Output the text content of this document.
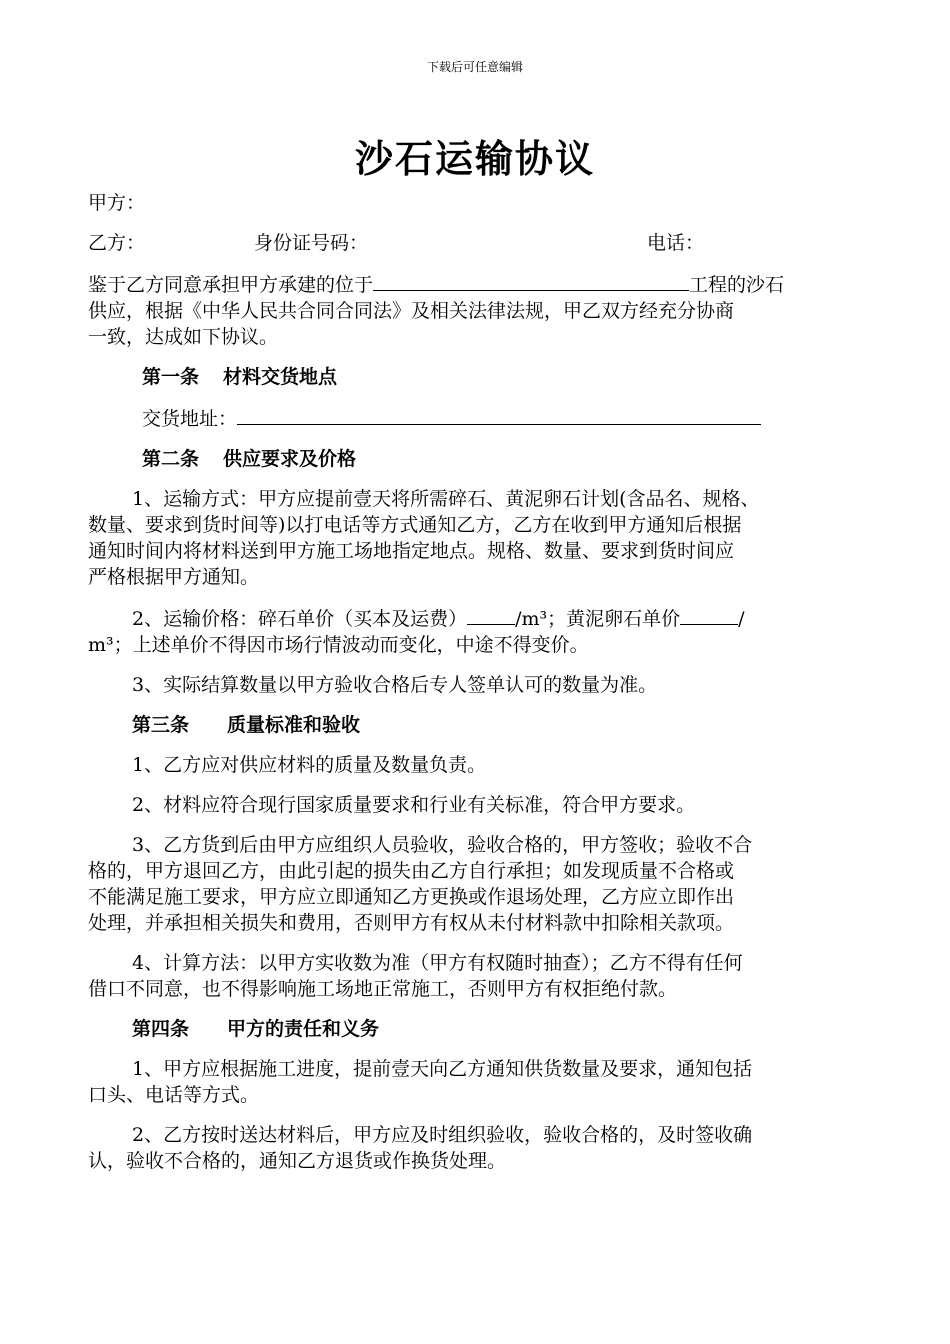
下载后可任意编辑
沙石运输协议

甲方：

乙方：	身份证号码：	电话：

鉴于乙方同意承担甲方承建的位于	工程的沙石

供应，根据《中华人民共合同合同法》及相关法律法规，甲乙双方经充分协商

一致，达成如下协议。

第一条 材料交货地点

交货地址：

第二条 供应要求及价格

1、运输方式：甲方应提前壹天将所需碎石、黄泥卵石计划(含品名、规格、

数量、要求到货时间等)以打电话等方式通知乙方，乙方在收到甲方通知后根据

通知时间内将材料送到甲方施工场地指定地点。规格、数量、要求到货时间应

严格根据甲方通知。

2、运输价格：碎石单价（买本及运费）	/m³；黄泥卵石单价	/

m³；上述单价不得因市场行情波动而变化，中途不得变价。

3、实际结算数量以甲方验收合格后专人签单认可的数量为准。

第三条 质量标准和验收

1、乙方应对供应材料的质量及数量负责。

2、材料应符合现行国家质量要求和行业有关标准，符合甲方要求。

3、乙方货到后由甲方应组织人员验收，验收合格的，甲方签收；验收不合

格的，甲方退回乙方，由此引起的损失由乙方自行承担；如发现质量不合格或

不能满足施工要求，甲方应立即通知乙方更换或作退场处理，乙方应立即作出

处理，并承担相关损失和费用，否则甲方有权从未付材料款中扣除相关款项。

4、计算方法：以甲方实收数为准（甲方有权随时抽查）；乙方不得有任何

借口不同意，也不得影响施工场地正常施工，否则甲方有权拒绝付款。

第四条 甲方的责任和义务

1、甲方应根据施工进度，提前壹天向乙方通知供货数量及要求，通知包括

口头、电话等方式。

2、乙方按时送达材料后，甲方应及时组织验收，验收合格的，及时签收确

认，验收不合格的，通知乙方退货或作换货处理。
